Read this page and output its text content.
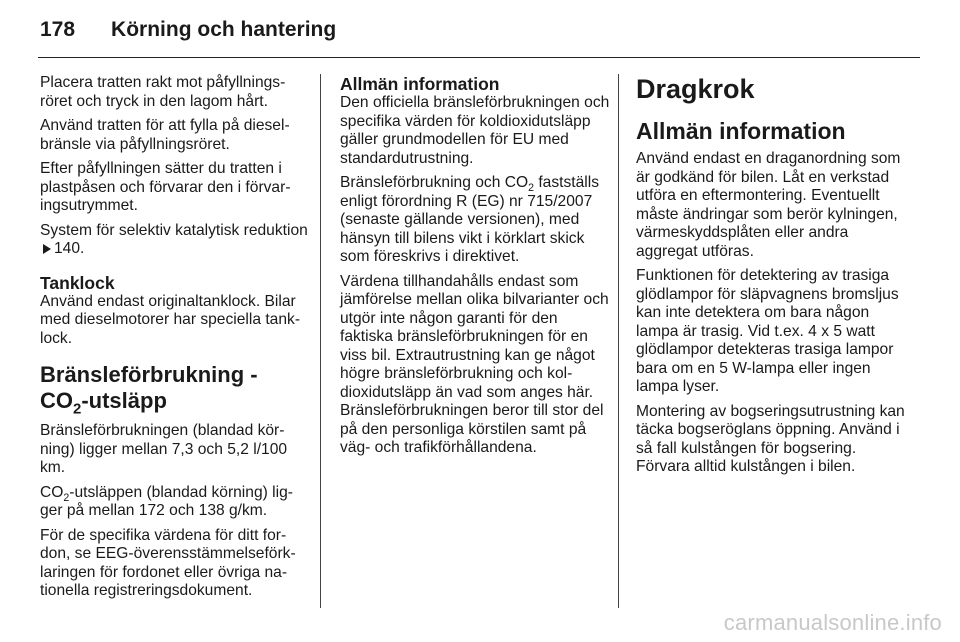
178 Körning och hantering

Placera tratten rakt mot påfyllningsröret och tryck in den lagom hårt.

Använd tratten för att fylla på dieselbränsle via påfyllningsröret.

Efter påfyllningen sätter du tratten i plastpåsen och förvarar den i förvaringsutrymmet.

System för selektiv katalytisk reduktion 140.

Tanklock

Använd endast originaltanklock. Bilar med dieselmotorer har speciella tanklock.

Bränsleförbrukning -
$CO_2$-utsläpp

Bränsleförbrukningen (blandad körning) ligger mellan 7,3 och 5,2 l/100 km.

$CO_2$-utsläppen (blandad körning) ligger på mellan 172 och 138 g/km.

För de specifika värdena för ditt fordon, se EEG-överensstämmelseförklaringen för fordonet eller övriga nationella registreringsdokument.

Allmän information

Den officiella bränsleförbrukningen och specifika värden för koldioxidutsläpp gäller grundmodellen för EU med standardutrustning.

Bränsleförbrukning och $CO_2$ fastställs enligt förordning R (EG) nr 715/2007 (senaste gällande versionen), med hänsyn till bilens vikt i körklart skick som föreskrivs i direktivet.

Värdena tillhandahålls endast som jämförelse mellan olika bilvarianter och utgör inte någon garanti för den faktiska bränsleförbrukningen för en viss bil. Extrautrustning kan ge något högre bränsleförbrukning och koldioxidutsläpp än vad som anges här. Bränsleförbrukningen beror till stor del på den personliga körstilen samt på väg- och trafikförhållandena.

Dragkrok
Allmän information

Använd endast en draganordning som är godkänd för bilen. Låt en verkstad utföra en eftermontering. Eventuellt måste ändringar som berör kylningen, värmeskyddsplåten eller andra aggregat utföras.

Funktionen för detektering av trasiga glödlampor för släpvagnens bromsljus kan inte detektera om bara någon lampa är trasig. Vid t.ex. 4 x 5 watt glödlampor detekteras trasiga lampor bara om en 5 W-lampa eller ingen lampa lyser.

Montering av bogseringsutrustning kan täcka bogseröglans öppning. Använd i så fall kulstången för bogsering. Förvara alltid kulstången i bilen.

carmanualsonline.info
